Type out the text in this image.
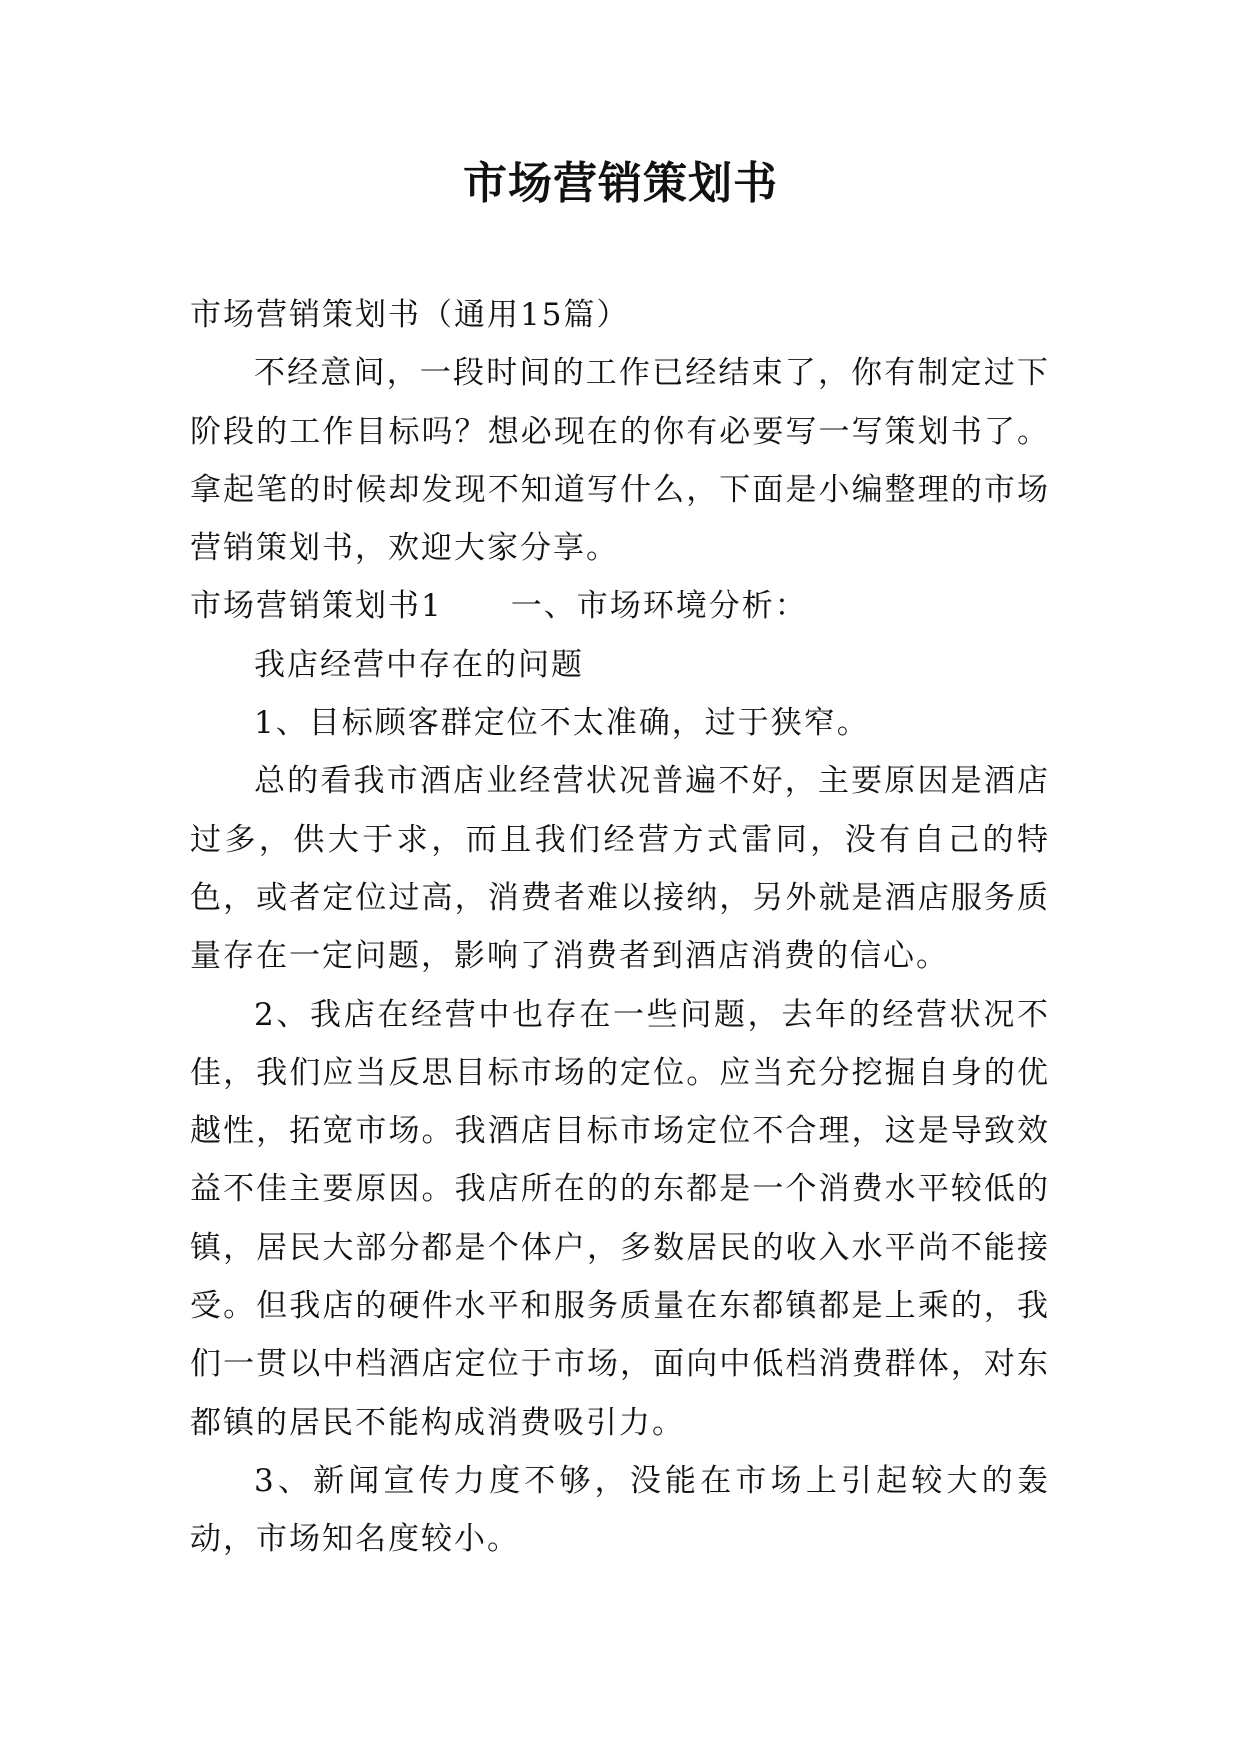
市场营销策划书

市场营销策划书（通用15篇）

不经意间，一段时间的工作已经结束了，你有制定过下阶段的工作目标吗？想必现在的你有必要写一写策划书了。拿起笔的时候却发现不知道写什么，下面是小编整理的市场营销策划书，欢迎大家分享。

市场营销策划书1 一、市场环境分析：

我店经营中存在的问题

1、目标顾客群定位不太准确，过于狭窄。

总的看我市酒店业经营状况普遍不好，主要原因是酒店过多，供大于求，而且我们经营方式雷同，没有自己的特色，或者定位过高，消费者难以接纳，另外就是酒店服务质量存在一定问题，影响了消费者到酒店消费的信心。

2、我店在经营中也存在一些问题，去年的经营状况不佳，我们应当反思目标市场的定位。应当充分挖掘自身的优越性，拓宽市场。我酒店目标市场定位不合理，这是导致效益不佳主要原因。我店所在的的东都是一个消费水平较低的镇，居民大部分都是个体户，多数居民的收入水平尚不能接受。但我店的硬件水平和服务质量在东都镇都是上乘的，我们一贯以中档酒店定位于市场，面向中低档消费群体，对东都镇的居民不能构成消费吸引力。

3、新闻宣传力度不够，没能在市场上引起较大的轰动，市场知名度较小。
